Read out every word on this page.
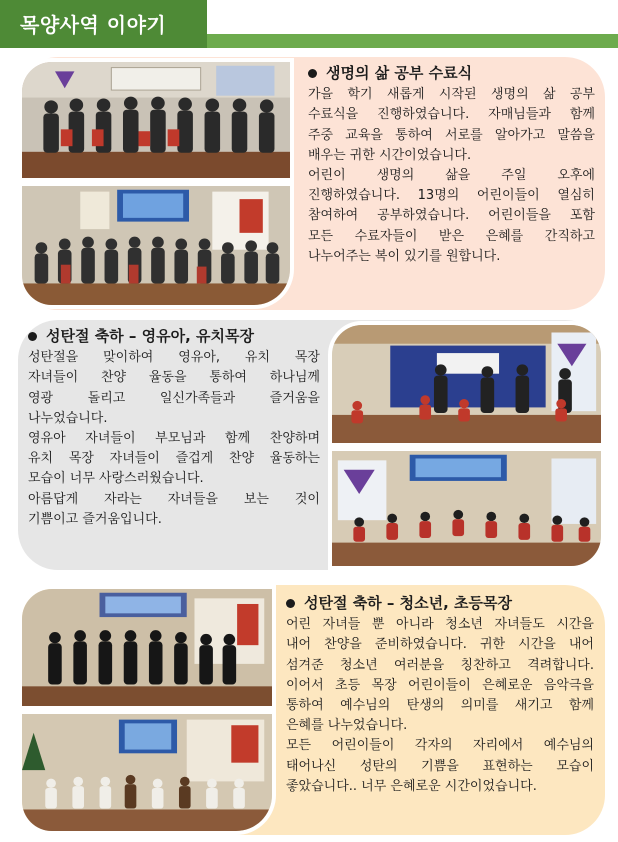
목양사역 이야기
생명의 삶 공부 수료식

가을 학기 새롭게 시작된 생명의 삶 공부

수료식을 진행하였습니다. 자매님들과 함께

주중 교육을 통하여 서로를 알아가고 말씀을

배우는 귀한 시간이었습니다.

어린이 생명의 삶을 주일 오후에

진행하였습니다. 13명의 어린이들이 열심히

참여하여 공부하였습니다. 어린이들을 포함

모든 수료자들이 받은 은혜를 간직하고

나누어주는 복이 있기를 원합니다.

성탄절 축하 – 영유아, 유치목장

성탄절을 맞이하여 영유아, 유치 목장

자녀들이 찬양 율동을 통하여 하나님께

영광 돌리고 일신가족들과 즐거움을

나누었습니다.

영유아 자녀들이 부모님과 함께 찬양하며

유치 목장 자녀들이 즐겁게 찬양 율동하는

모습이 너무 사랑스러웠습니다.

아름답게 자라는 자녀들을 보는 것이

기쁨이고 즐거움입니다.

성탄절 축하 – 청소년, 초등목장

어린 자녀들 뿐 아니라 청소년 자녀들도 시간을

내어 찬양을 준비하였습니다. 귀한 시간을 내어

섬겨준 청소년 여러분을 칭찬하고 격려합니다.

이어서 초등 목장 어린이들이 은혜로운 음악극을

통하여 예수님의 탄생의 의미를 새기고 함께

은혜를 나누었습니다.

모든 어린이들이 각자의 자리에서 예수님의

태어나신 성탄의 기쁨을 표현하는 모습이

좋았습니다.. 너무 은혜로운 시간이었습니다.
